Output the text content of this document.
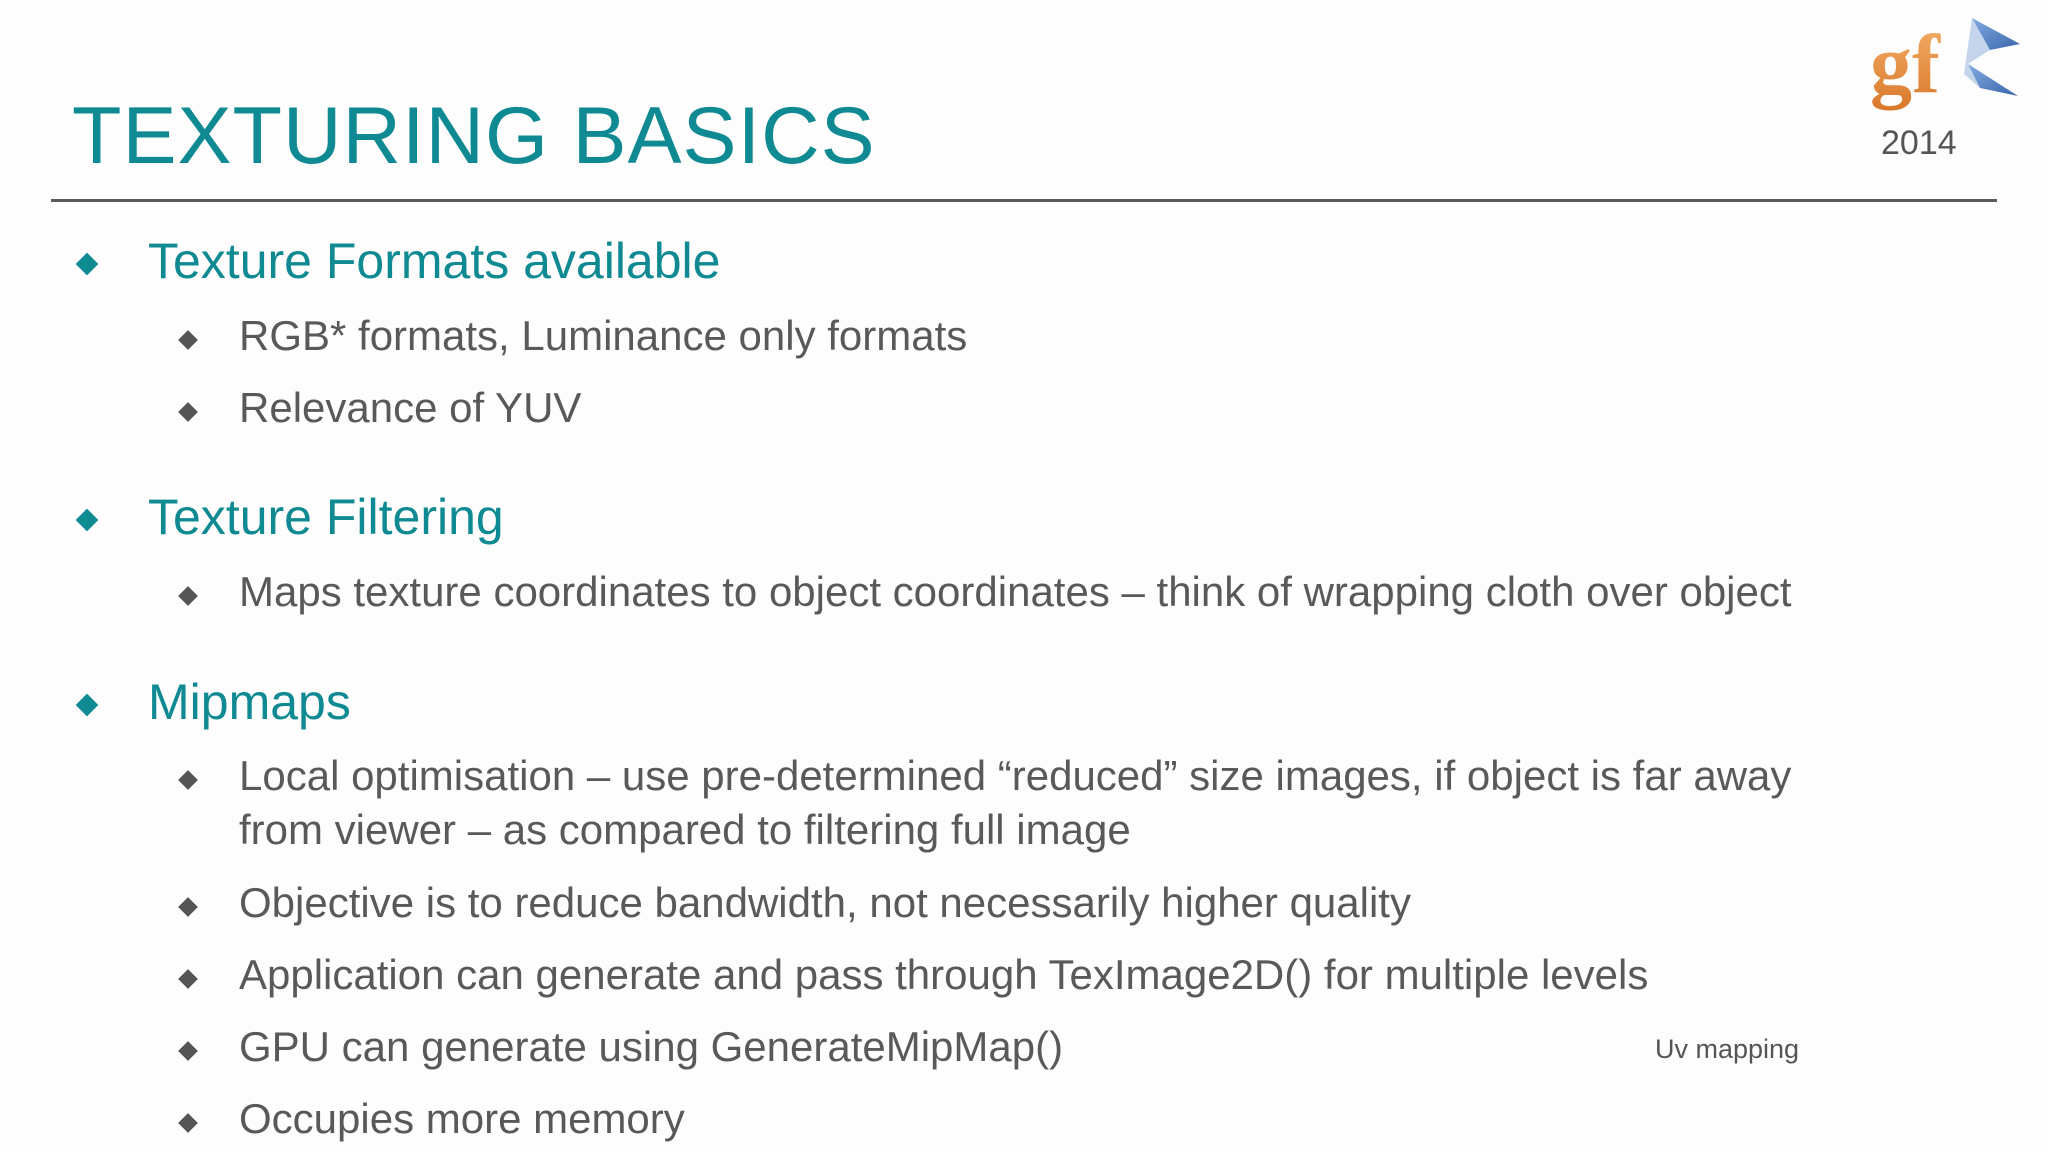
TEXTURING BASICS
gf
2014
Texture Formats available
RGB* formats, Luminance only formats
Relevance of YUV
Texture Filtering
Maps texture coordinates to object coordinates – think of wrapping cloth over object
Mipmaps
Local optimisation – use pre-determined “reduced” size images, if object is far away
from viewer – as compared to filtering full image
Objective is to reduce bandwidth, not necessarily higher quality
Application can generate and pass through TexImage2D() for multiple levels
GPU can generate using GenerateMipMap()
Occupies more memory
Uv mapping
